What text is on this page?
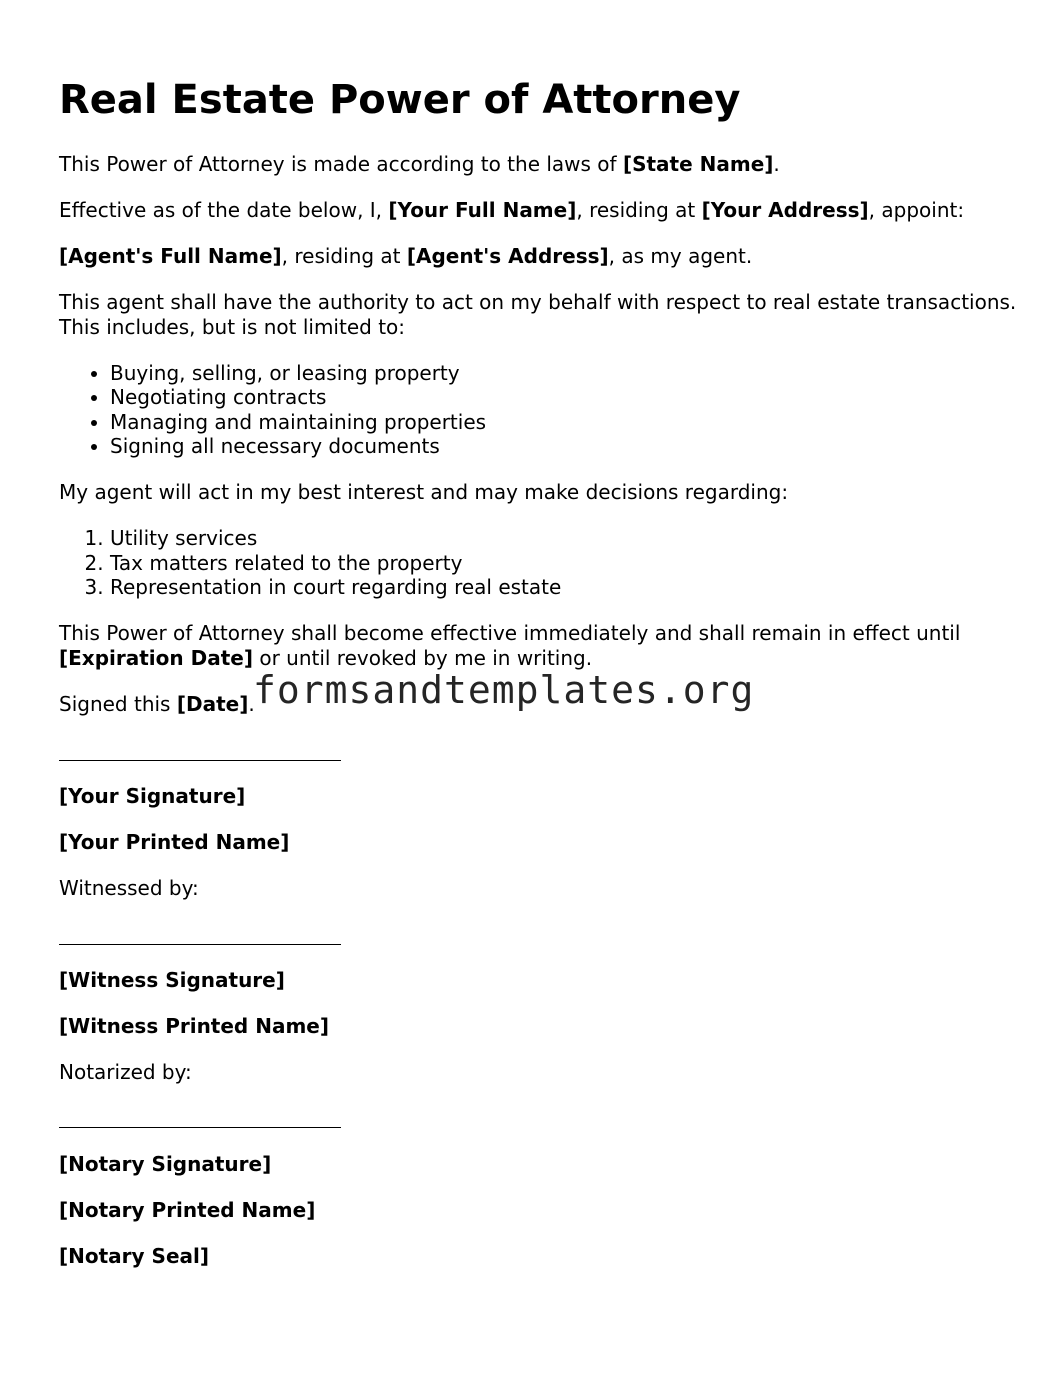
Real Estate Power of Attorney

This Power of Attorney is made according to the laws of [State Name].

Effective as of the date below, I, [Your Full Name], residing at [Your Address], appoint:

[Agent's Full Name], residing at [Agent's Address], as my agent.

This agent shall have the authority to act on my behalf with respect to real estate transactions. This includes, but is not limited to:

• Buying, selling, or leasing property
• Negotiating contracts
• Managing and maintaining properties
• Signing all necessary documents

My agent will act in my best interest and may make decisions regarding:

1. Utility services
2. Tax matters related to the property
3. Representation in court regarding real estate

This Power of Attorney shall become effective immediately and shall remain in effect until [Expiration Date] or until revoked by me in writing.

Signed this [Date].

[Your Signature]

[Your Printed Name]

Witnessed by:

[Witness Signature]

[Witness Printed Name]

Notarized by:

[Notary Signature]

[Notary Printed Name]

[Notary Seal]

formsandtemplates.org
